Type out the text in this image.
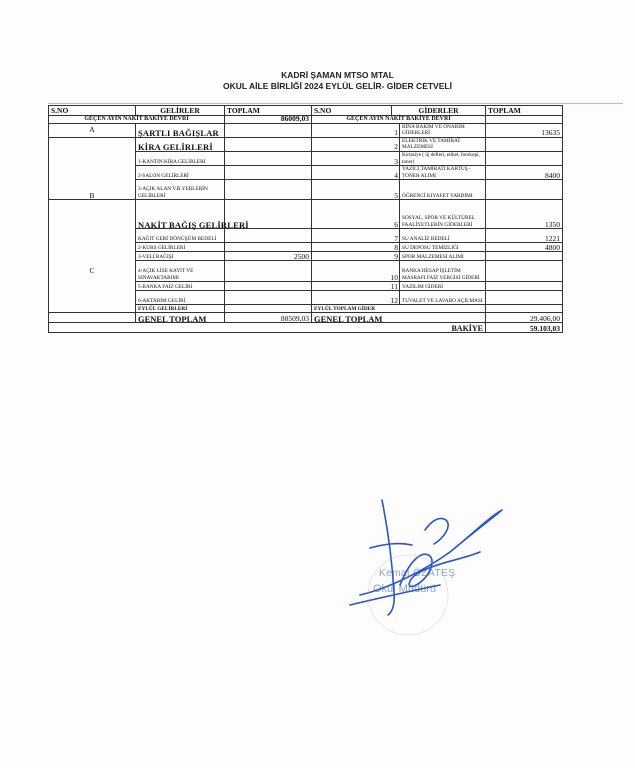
KADRİ ŞAMAN MTSO MTAL
OKUL AİLE BİRLİĞİ 2024 EYLÜL GELİR- GİDER CETVELİ
S.NO	GELİRLER	TOPLAM	S.NO	GİDERLER		TOPLAM
GEÇEN AYIN NAKİT BAKİYE DEVRİ		86009,03	GEÇEN AYIN NAKİT BAKİYE DEVRİ			
A	ŞARTLI BAĞIŞLAR		1		BİNA BAKIM VE ONARIM GİDERLERİ	13635
B	KİRA GELİRLERİ		2		ELEKTRİK VE TAMİRAT MALZEMESİ	
	1-KANTIN KİRA GELİRLERİ		3		Kırtasiye ( üj defteri, etiket, fotokopi, toner)	
	2-SALON GELİRLERİ		4		YAZICI TAMİRATI KARTUŞ - TONER ALIMI	8400
	3-AÇIK ALAN V.B.YERLERİN GELİRLERİ		5		ÖĞRENCİ KIYAFET YARDIMI	
C	NAKİT BAĞIŞ GELİRLERİ		6		SOSYAL, SPOR VE KÜLTÜREL FAALİYETLERİN GİDERLERİ	1350
	KAĞIT GERİ DÖNÜŞÜM BEDELİ		7		SU ANALİZ BEDELİ	1221
	2-KURS GELİRLERİ		8		SU DEPOSU TEMİZLİĞİ	4800
	3-VELİ BAĞIŞI	2500	9		SPOR MALZEMESİ ALIMI	
	4-AÇIK LİSE KAYIT VE SINAVAKTARIMI		10		BANKA HESAP İŞLETİM MASRAFI FAİZ VERGİSİ GİDERİ	
	5-BANKA FAİZ GELİRİ		11		YAZILIM GİDERİ	
	6-AKTARIM GELİRİ		12		TUVALET VE LAVABO AÇILMASI	
	EYLÜL GELİRLERİ		EYLÜL TOPLAM GİDER			
	GENEL TOPLAM	88509,03	GENEL TOPLAM			29.406,00
BAKİYE						59.103,03
Kemal ÖZATEŞ
Okul Müdürü
